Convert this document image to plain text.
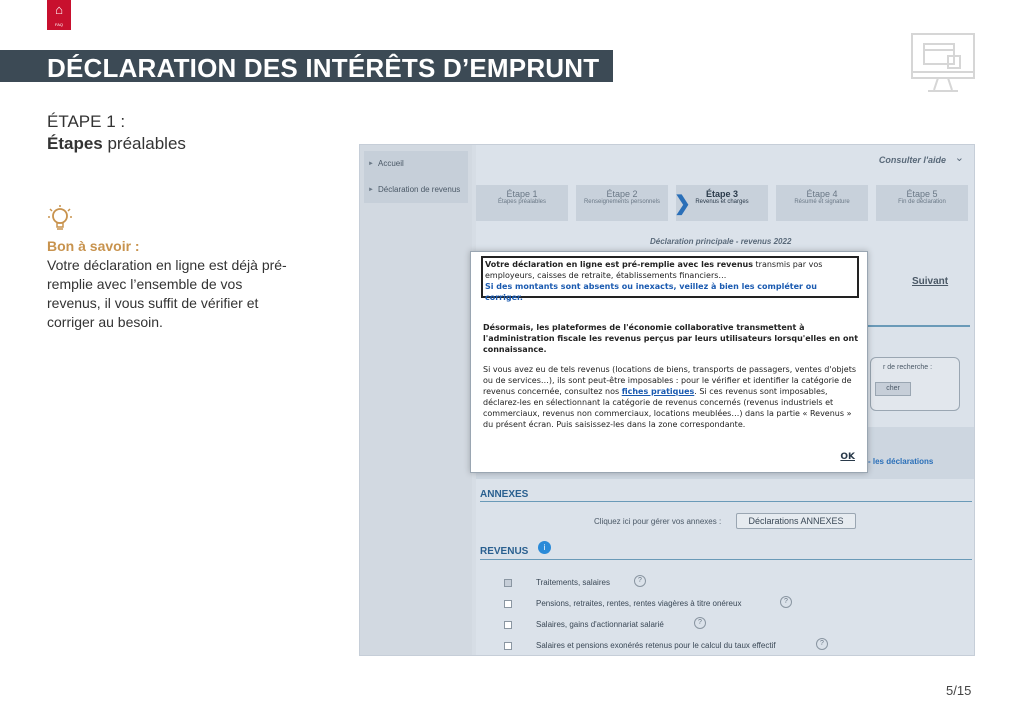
⌂
FAQ
DÉCLARATION DES INTÉRÊTS D’EMPRUNT
ÉTAPE 1 :
Étapes préalables
Bon à savoir :
Votre déclaration en ligne est déjà pré-remplie avec l’ensemble de vos revenus, il vous suffit de vérifier et corriger au besoin.
► Accueil
► Déclaration de revenus
Consulter l'aide ⌄
Étape 1
Étapes préalables
Étape 2
Renseignements personnels
Étape 3
Revenus et charges
Étape 4
Résumé et signature
Étape 5
Fin de déclaration
❯
Déclaration principale - revenus 2022
Suivant
r de recherche :
cher
- les déclarations
ANNEXES
Cliquez ici pour gérer vos annexes :	Déclarations ANNEXES
REVENUS	i
Traitements, salaires	?
Pensions, retraites, rentes, rentes viagères à titre onéreux	?
Salaires, gains d'actionnariat salarié	?
Salaires et pensions exonérés retenus pour le calcul du taux effectif	?
Votre déclaration en ligne est pré-remplie avec les revenus transmis par vos employeurs, caisses de retraite, établissements financiers…
Si des montants sont absents ou inexacts, veillez à bien les compléter ou corriger.
Désormais, les plateformes de l'économie collaborative transmettent à l'administration fiscale les revenus perçus par leurs utilisateurs lorsqu'elles en ont connaissance.
Si vous avez eu de tels revenus (locations de biens, transports de passagers, ventes d'objets ou de services…), ils sont peut-être imposables : pour le vérifier et identifier la catégorie de revenus concernée, consultez nos fiches pratiques. Si ces revenus sont imposables, déclarez-les en sélectionnant la catégorie de revenus concernés (revenus industriels et commerciaux, revenus non commerciaux, locations meublées…) dans la partie « Revenus » du présent écran. Puis saisissez-les dans la zone correspondante.
OK
5/15
